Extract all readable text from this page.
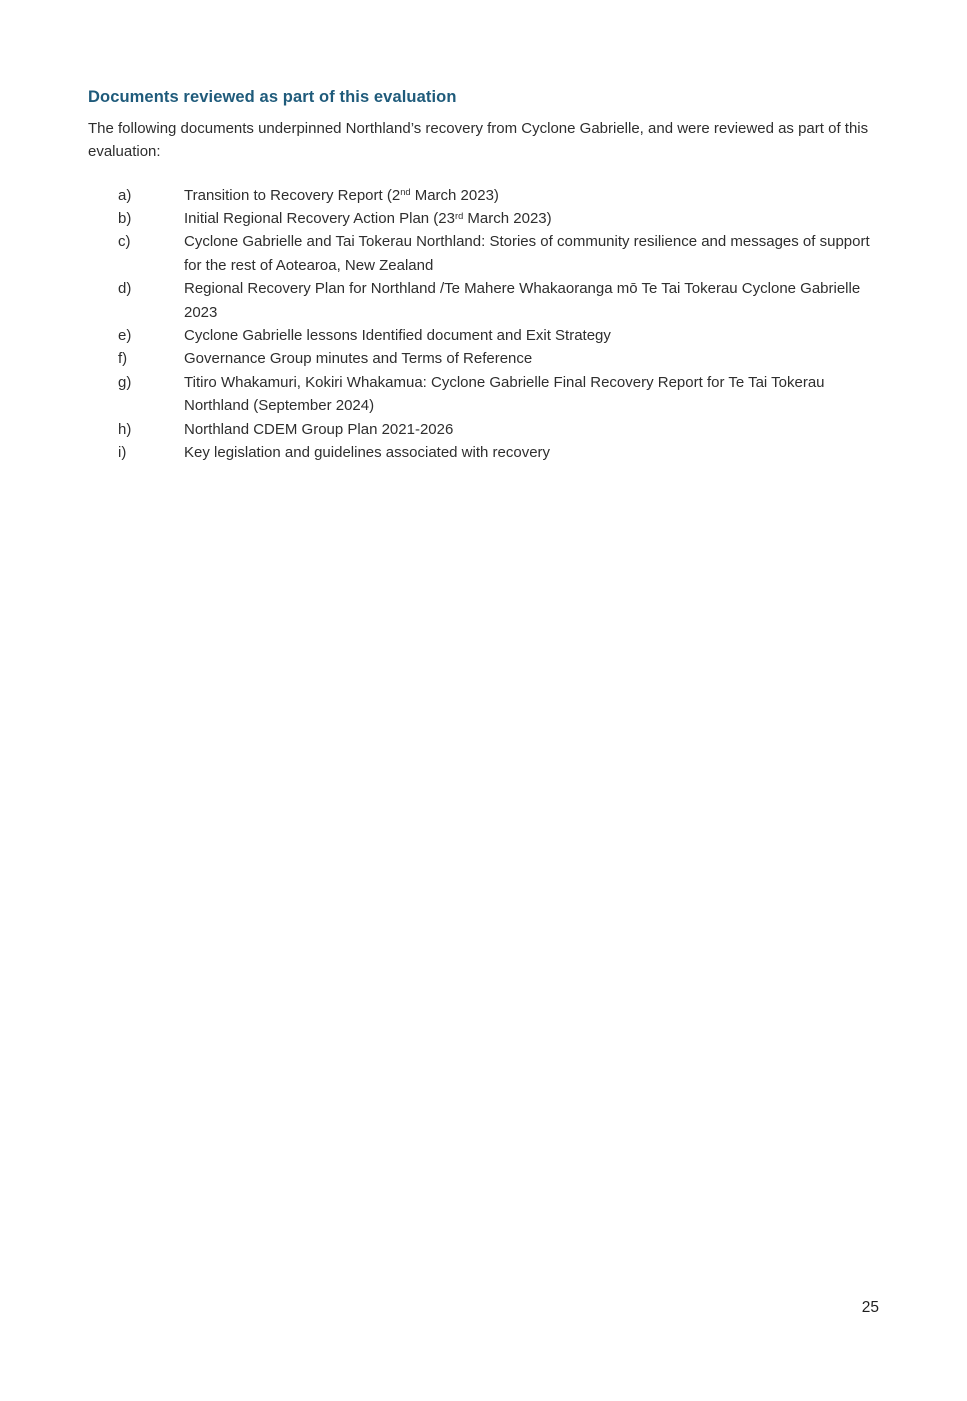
Documents reviewed as part of this evaluation

The following documents underpinned Northland’s recovery from Cyclone Gabrielle, and were reviewed as part of this evaluation:

a)	Transition to Recovery Report (2nd March 2023)
b)	Initial Regional Recovery Action Plan (23rd March 2023)
c)	Cyclone Gabrielle and Tai Tokerau Northland: Stories of community resilience and messages of support for the rest of Aotearoa, New Zealand
d)	Regional Recovery Plan for Northland /Te Mahere Whakaoranga mō Te Tai Tokerau Cyclone Gabrielle 2023
e)	Cyclone Gabrielle lessons Identified document and Exit Strategy
f)	Governance Group minutes and Terms of Reference
g)	Titiro Whakamuri, Kokiri Whakamua: Cyclone Gabrielle Final Recovery Report for Te Tai Tokerau Northland (September 2024)
h)	Northland CDEM Group Plan 2021-2026
i)	Key legislation and guidelines associated with recovery
25
